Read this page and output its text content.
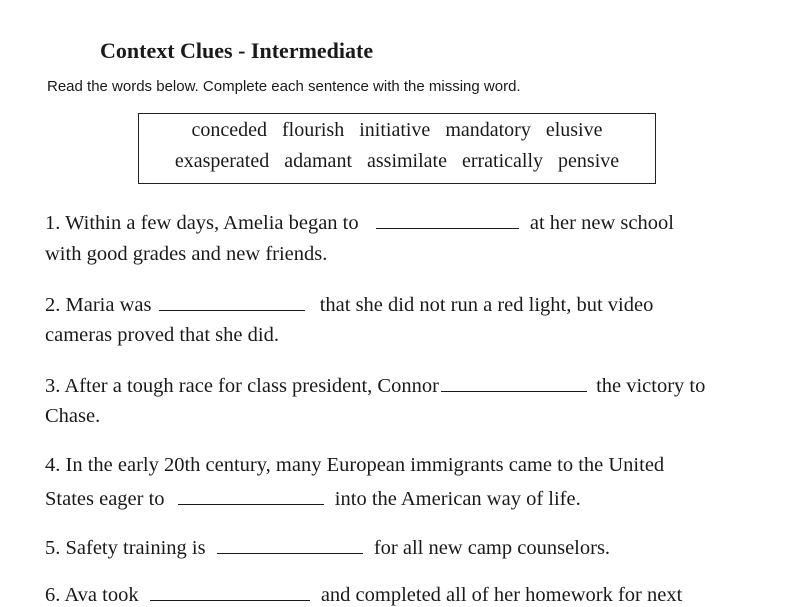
Context Clues - Intermediate
Read the words below. Complete each sentence with the missing word.
conceded flourish initiative mandatory elusive
exasperated adamant assimilate erratically pensive
1. Within a few days, Amelia began to	at her new school
with good grades and new friends.
2. Maria was	that she did not run a red light, but video
cameras proved that she did.
3. After a tough race for class president, Connor	the victory to
Chase.
4. In the early 20th century, many European immigrants came to the United
States eager to	into the American way of life.
5. Safety training is	for all new camp counselors.
6. Ava took	and completed all of her homework for next
